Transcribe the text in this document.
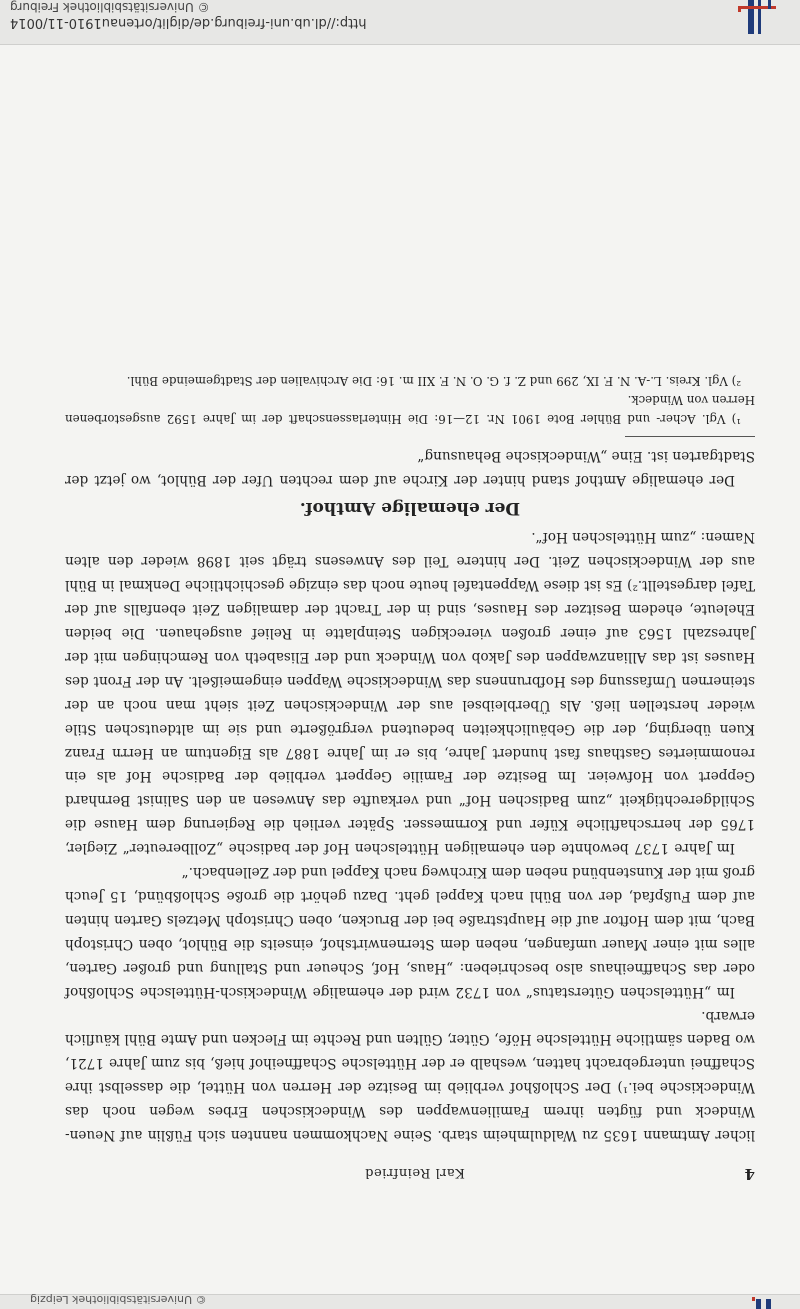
© Universitätsbibliothek Freiburg
http://dl.ub.uni-freiburg.de/diglit/ortenau1910-11/0014
4
Karl Reinfried

licher Amtmann 1635 zu Waldulmheim starb. Seine Nachkommen nannten sich Füßlin auf Neuen-Windeck und fügten ihrem Familienwappen des Windeckischen Erbes wegen noch das Windeckische bei.¹) Der Schloßhof verblieb im Besitze der Herren von Hüttel, die dasselbst ihre Schaffnei untergebracht hatten, weshalb er der Hüttelsche Schaffneihof hieß, bis zum Jahre 1721, wo Baden sämtliche Hüttelsche Höfe, Güter, Gülten und Rechte im Flecken und Amte Bühl käuflich erwarb.

Im „Hüttelschen Güterstatus“ von 1732 wird der ehemalige Windeckisch-Hüttelsche Schloßhof oder das Schaffneihaus also beschrieben: „Haus, Hof, Scheuer und Stallung und großer Garten, alles mit einer Mauer umfangen, neben dem Sternenwirtshof, einseits die Bühlot, oben Christoph Bach, mit dem Hoftor auf die Hauptstraße bei der Brucken, oben Christoph Metzels Garten hinten auf dem Fußpfad, der von Bühl nach Kappel geht. Dazu gehört die große Schloßbünd, 15 Jeuch groß mit der Kunstenbünd neben dem Kirchweg nach Kappel und der Zellenbach.“

Im Jahre 1737 bewohnte den ehemaligen Hüttelschen Hof der badische „Zollbereuter“ Ziegler, 1765 der herrschaftliche Küfer und Kornmesser. Später verlieh die Regierung dem Hause die Schildgerechtigkeit „zum Badischen Hof“ und verkaufte das Anwesen an den Salinist Bernhard Geppert von Hofweier. Im Besitze der Familie Geppert verblieb der Badische Hof als ein renommiertes Gasthaus fast hundert Jahre, bis er im Jahre 1887 als Eigentum an Herrn Franz Kuen überging, der die Gebäulichkeiten bedeutend vergrößerte und sie im altdeutschen Stile wieder herstellen ließ. Als Überbleibsel aus der Windeckischen Zeit sieht man noch an der steinernen Umfassung des Hofbrunnens das Windeckische Wappen eingemeißelt. An der Front des Hauses ist das Allianzwappen des Jakob von Windeck und der Elisabeth von Remchingen mit der Jahreszahl 1563 auf einer großen viereckigen Steinplatte in Relief ausgehauen. Die beiden Eheleute, ehedem Besitzer des Hauses, sind in der Tracht der damaligen Zeit ebenfalls auf der Tafel dargestellt.²) Es ist diese Wappentafel heute noch das einzige geschichtliche Denkmal in Bühl aus der Windeckischen Zeit. Der hintere Teil des Anwesens trägt seit 1898 wieder den alten Namen: „zum Hüttelschen Hof“.

Der ehemalige Amthof.

Der ehemalige Amthof stand hinter der Kirche auf dem rechten Ufer der Bühlot, wo jetzt der Stadtgarten ist. Eine „Windeckische Behausung“

¹) Vgl. Acher- und Bühler Bote 1901 Nr. 12—16: Die Hinterlassenschaft der im Jahre 1592 ausgestorbenen Herren von Windeck.

²) Vgl. Kreis. L.-A. N. F. IX, 299 und Z. f. G. O. N. F. XII m. 16: Die Archivalien der Stadtgemeinde Bühl.

© Universitätsbibliothek Leipzig
